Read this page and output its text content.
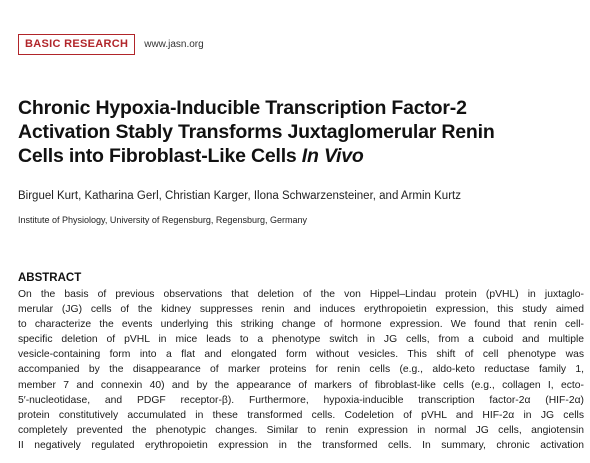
BASIC RESEARCH	www.jasn.org
Chronic Hypoxia-Inducible Transcription Factor-2
Activation Stably Transforms Juxtaglomerular Renin
Cells into Fibroblast-Like Cells In Vivo
Birguel Kurt, Katharina Gerl, Christian Karger, Ilona Schwarzensteiner, and Armin Kurtz
Institute of Physiology, University of Regensburg, Regensburg, Germany
ABSTRACT
On the basis of previous observations that deletion of the von Hippel–Lindau protein (pVHL) in juxtaglo-
merular (JG) cells of the kidney suppresses renin and induces erythropoietin expression, this study aimed
to characterize the events underlying this striking change of hormone expression. We found that renin cell-
specific deletion of pVHL in mice leads to a phenotype switch in JG cells, from a cuboid and multiple
vesicle-containing form into a flat and elongated form without vesicles. This shift of cell phenotype was
accompanied by the disappearance of marker proteins for renin cells (e.g., aldo-keto reductase family 1,
member 7 and connexin 40) and by the appearance of markers of fibroblast-like cells (e.g., collagen I, ecto-
5′-nucleotidase, and PDGF receptor-β). Furthermore, hypoxia-inducible transcription factor-2α (HIF-2α)
protein constitutively accumulated in these transformed cells. Codeletion of pVHL and HIF-2α in JG cells
completely prevented the phenotypic changes. Similar to renin expression in normal JG cells, angiotensin
II negatively regulated erythropoietin expression in the transformed cells. In summary, chronic activation
